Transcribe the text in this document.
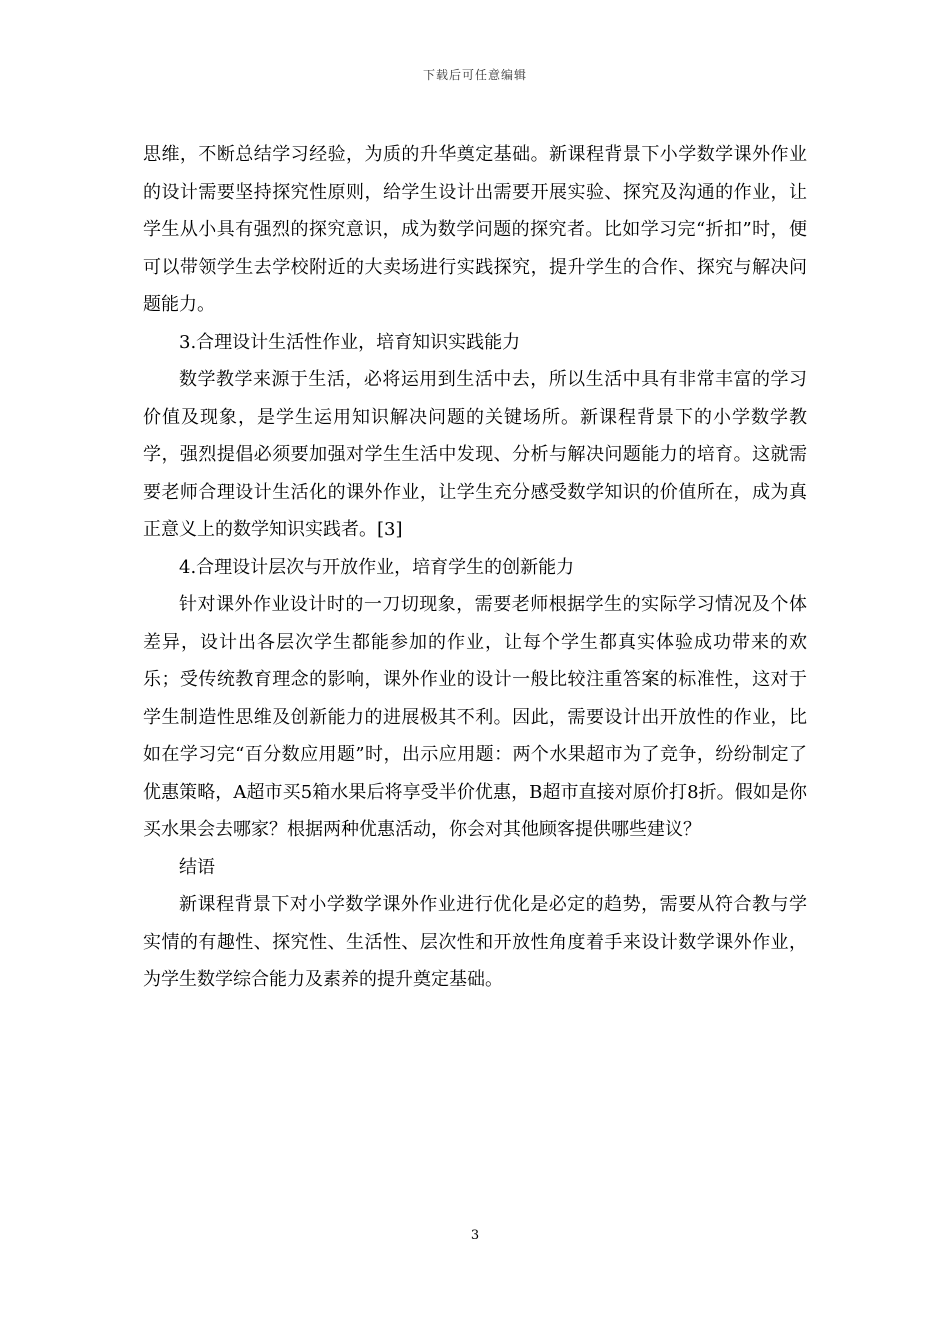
下载后可任意编辑

思维，不断总结学习经验，为质的升华奠定基础。新课程背景下小学数学课外作业的设计需要坚持探究性原则，给学生设计出需要开展实验、探究及沟通的作业，让学生从小具有强烈的探究意识，成为数学问题的探究者。比如学习完“折扣”时，便可以带领学生去学校附近的大卖场进行实践探究，提升学生的合作、探究与解决问题能力。

3.合理设计生活性作业，培育知识实践能力

数学教学来源于生活，必将运用到生活中去，所以生活中具有非常丰富的学习价值及现象，是学生运用知识解决问题的关键场所。新课程背景下的小学数学教学，强烈提倡必须要加强对学生生活中发现、分析与解决问题能力的培育。这就需要老师合理设计生活化的课外作业，让学生充分感受数学知识的价值所在，成为真正意义上的数学知识实践者。[3]

4.合理设计层次与开放作业，培育学生的创新能力

针对课外作业设计时的一刀切现象，需要老师根据学生的实际学习情况及个体差异，设计出各层次学生都能参加的作业，让每个学生都真实体验成功带来的欢乐；受传统教育理念的影响，课外作业的设计一般比较注重答案的标准性，这对于学生制造性思维及创新能力的进展极其不利。因此，需要设计出开放性的作业，比如在学习完“百分数应用题”时，出示应用题：两个水果超市为了竞争，纷纷制定了优惠策略，A超市买5箱水果后将享受半价优惠，B超市直接对原价打8折。假如是你买水果会去哪家？根据两种优惠活动，你会对其他顾客提供哪些建议？

结语

新课程背景下对小学数学课外作业进行优化是必定的趋势，需要从符合教与学实情的有趣性、探究性、生活性、层次性和开放性角度着手来设计数学课外作业，为学生数学综合能力及素养的提升奠定基础。

3
